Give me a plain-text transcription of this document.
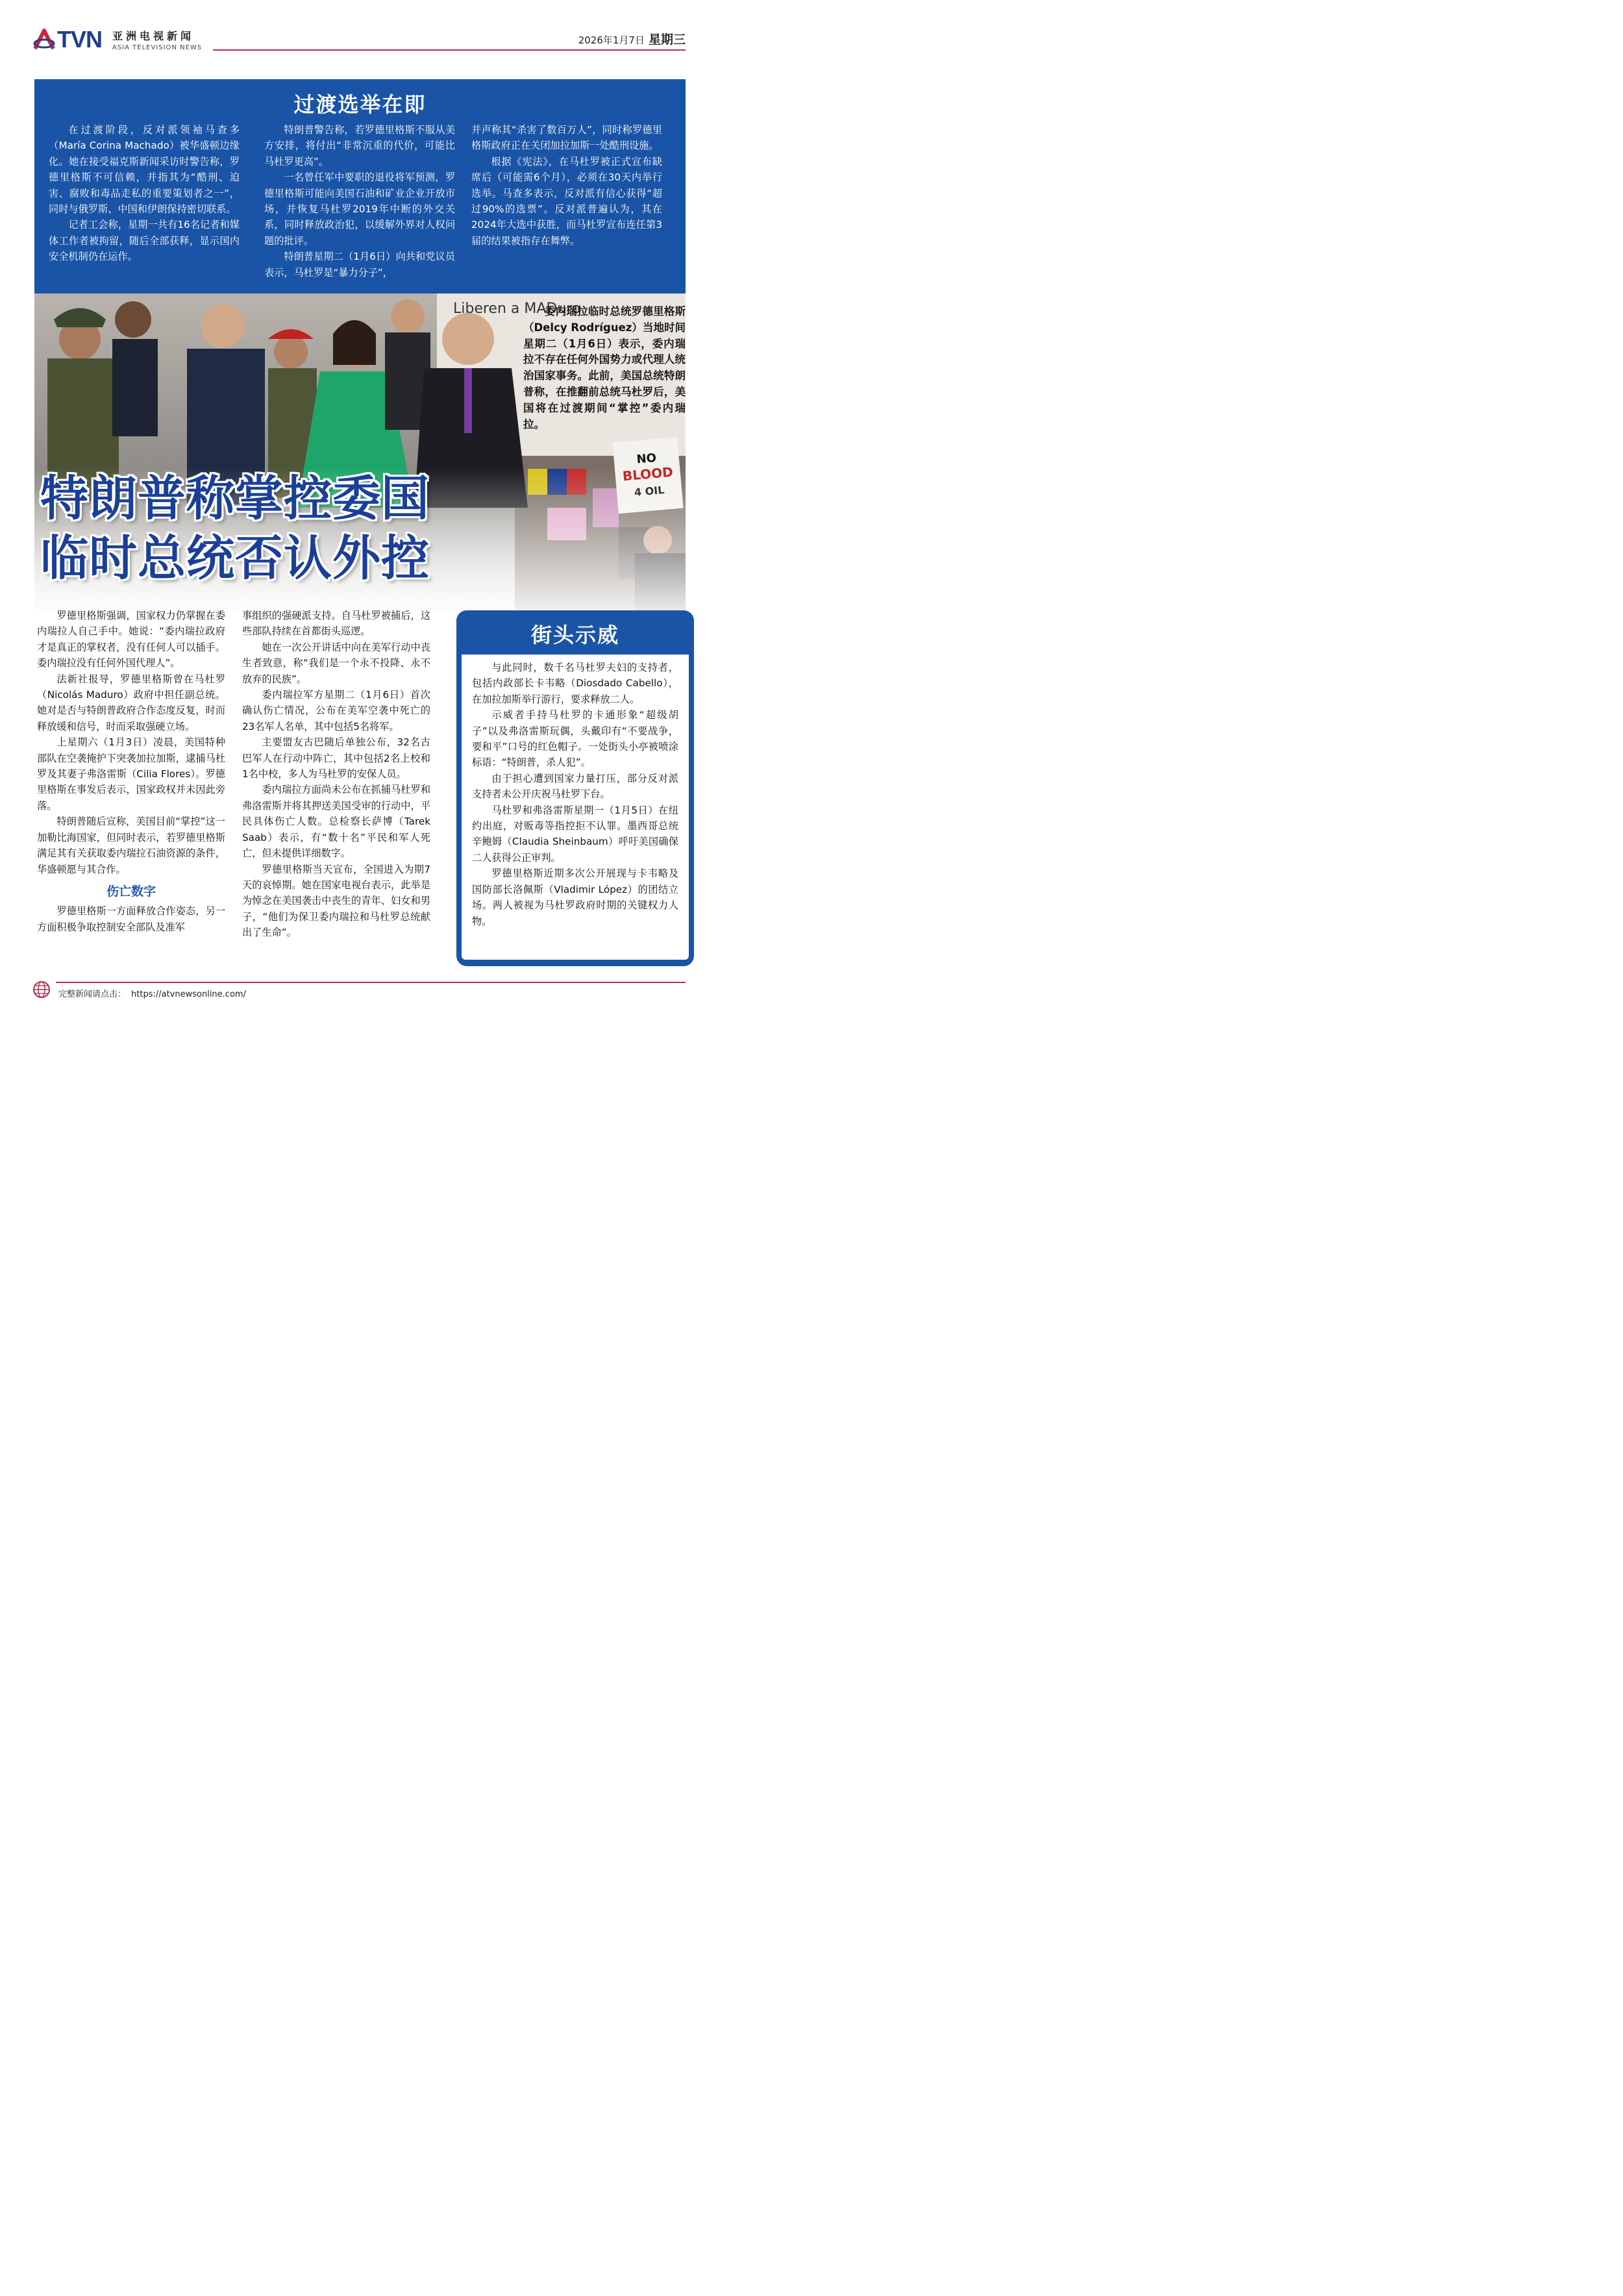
TVN 亚洲电视新闻
ASIA TELEVISION NEWS
2026年1月7日 星期三
过渡选举在即

在过渡阶段，反对派领袖马查多（María Corina Machado）被华盛顿边缘化。她在接受福克斯新闻采访时警告称，罗德里格斯不可信赖，并指其为“酷刑、迫害、腐败和毒品走私的重要策划者之一”，同时与俄罗斯、中国和伊朗保持密切联系。

记者工会称，星期一共有16名记者和媒体工作者被拘留，随后全部获释，显示国内安全机制仍在运作。

特朗普警告称，若罗德里格斯不服从美方安排，将付出“非常沉重的代价，可能比马杜罗更高”。

一名曾任军中要职的退役将军预测，罗德里格斯可能向美国石油和矿业企业开放市场，并恢复马杜罗2019年中断的外交关系，同时释放政治犯，以缓解外界对人权问题的批评。

特朗普星期二（1月6日）向共和党议员表示，马杜罗是“暴力分子”，

并声称其“杀害了数百万人”，同时称罗德里格斯政府正在关闭加拉加斯一处酷刑设施。

根据《宪法》，在马杜罗被正式宣布缺席后（可能需6个月），必须在30天内举行选举。马查多表示，反对派有信心获得“超过90%的选票”。反对派普遍认为，其在2024年大选中获胜，而马杜罗宣布连任第3届的结果被指存在舞弊。

委内瑞拉临时总统罗德里格斯（Delcy Rodríguez）当地时间星期二（1月6日）表示，委内瑞拉不存在任何外国势力或代理人统治国家事务。此前，美国总统特朗普称，在推翻前总统马杜罗后，美国将在过渡期间“掌控”委内瑞拉。

特朗普称掌控委国
临时总统否认外控

罗德里格斯强调，国家权力仍掌握在委内瑞拉人自己手中。她说：“委内瑞拉政府才是真正的掌权者，没有任何人可以插手。委内瑞拉没有任何外国代理人”。

法新社报导，罗德里格斯曾在马杜罗（Nicolás Maduro）政府中担任副总统。她对是否与特朗普政府合作态度反复，时而释放缓和信号，时而采取强硬立场。

上星期六（1月3日）凌晨，美国特种部队在空袭掩护下突袭加拉加斯，逮捕马杜罗及其妻子弗洛雷斯（Cilia Flores）。罗德里格斯在事发后表示，国家政权并未因此旁落。

特朗普随后宣称，美国目前“掌控”这一加勒比海国家，但同时表示，若罗德里格斯满足其有关获取委内瑞拉石油资源的条件，华盛顿愿与其合作。

伤亡数字

罗德里格斯一方面释放合作姿态，另一方面积极争取控制安全部队及准军

事组织的强硬派支持。自马杜罗被捕后，这些部队持续在首都街头巡逻。

她在一次公开讲话中向在美军行动中丧生者致意，称“我们是一个永不投降、永不放弃的民族”。

委内瑞拉军方星期二（1月6日）首次确认伤亡情况，公布在美军空袭中死亡的23名军人名单，其中包括5名将军。

主要盟友古巴随后单独公布，32名古巴军人在行动中阵亡，其中包括2名上校和1名中校，多人为马杜罗的安保人员。

委内瑞拉方面尚未公布在抓捕马杜罗和弗洛雷斯并将其押送美国受审的行动中，平民具体伤亡人数。总检察长萨博（Tarek Saab）表示，有“数十名”平民和军人死亡，但未提供详细数字。

罗德里格斯当天宣布，全国进入为期7天的哀悼期。她在国家电视台表示，此举是为悼念在美国袭击中丧生的青年、妇女和男子，“他们为保卫委内瑞拉和马杜罗总统献出了生命”。

街头示威

与此同时，数千名马杜罗夫妇的支持者，包括内政部长卡韦略（Diosdado Cabello），在加拉加斯举行游行，要求释放二人。

示威者手持马杜罗的卡通形象“超级胡子”以及弗洛雷斯玩偶，头戴印有“不要战争，要和平”口号的红色帽子。一处街头小亭被喷涂标语：“特朗普，杀人犯”。

由于担心遭到国家力量打压，部分反对派支持者未公开庆祝马杜罗下台。

马杜罗和弗洛雷斯星期一（1月5日）在纽约出庭，对贩毒等指控拒不认罪。墨西哥总统辛鲍姆（Claudia Sheinbaum）呼吁美国确保二人获得公正审判。

罗德里格斯近期多次公开展现与卡韦略及国防部长洛佩斯（Vladimir López）的团结立场。两人被视为马杜罗政府时期的关键权力人物。

完整新闻请点击： https://atvnewsonline.com/
